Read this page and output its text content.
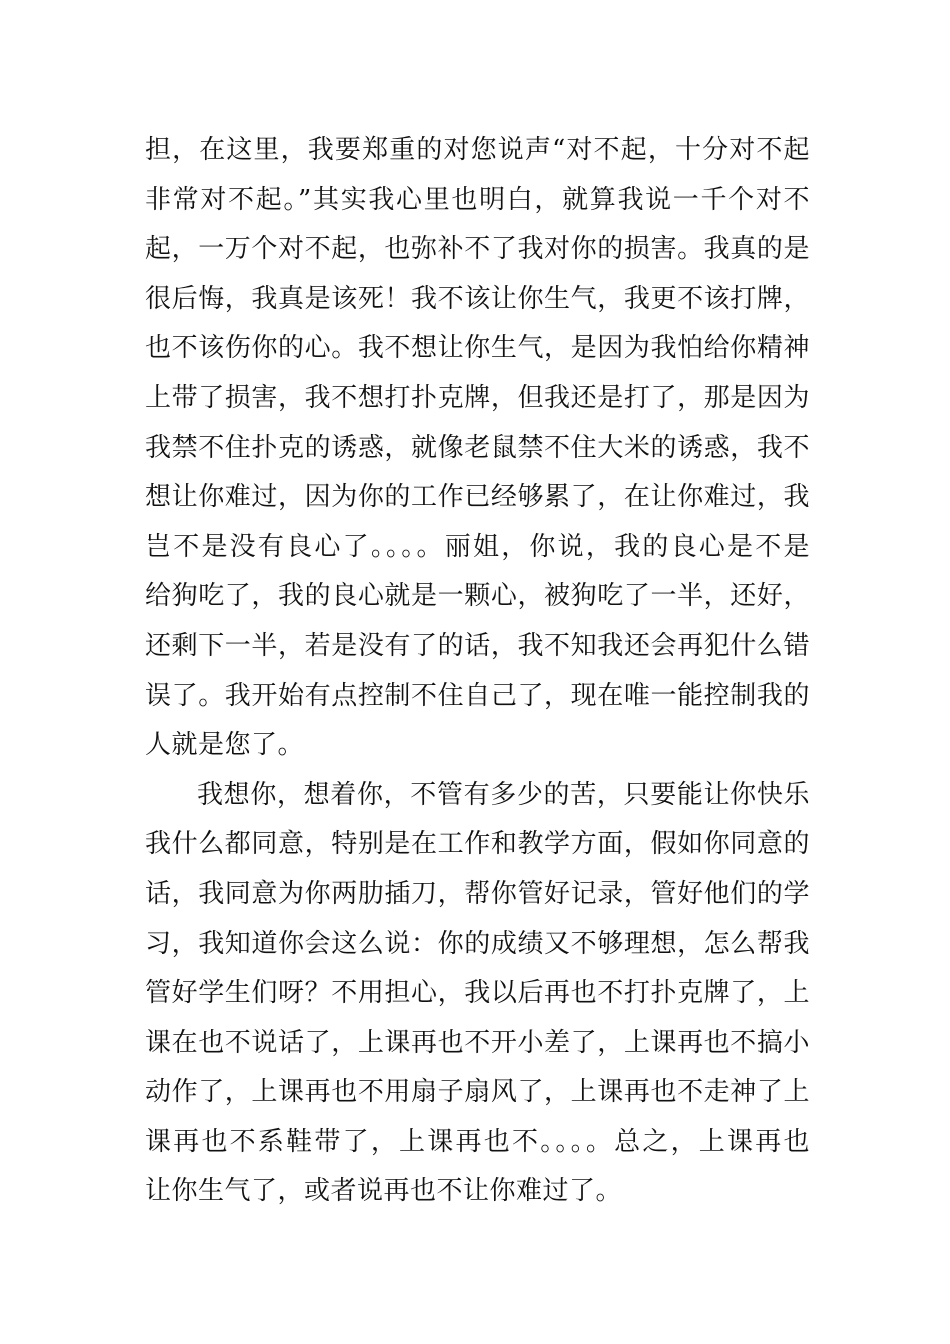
担，在这里，我要郑重的对您说声“对不起，十分对不起
非常对不起。”其实我心里也明白，就算我说一千个对不
起，一万个对不起，也弥补不了我对你的损害。我真的是
很后悔，我真是该死！我不该让你生气，我更不该打牌，
也不该伤你的心。我不想让你生气，是因为我怕给你精神
上带了损害，我不想打扑克牌，但我还是打了，那是因为
我禁不住扑克的诱惑，就像老鼠禁不住大米的诱惑，我不
想让你难过，因为你的工作已经够累了，在让你难过，我
岂不是没有良心了。。。。丽姐，你说，我的良心是不是
给狗吃了，我的良心就是一颗心，被狗吃了一半，还好，
还剩下一半，若是没有了的话，我不知我还会再犯什么错
误了。我开始有点控制不住自己了，现在唯一能控制我的
人就是您了。
我想你，想着你，不管有多少的苦，只要能让你快乐
我什么都同意，特别是在工作和教学方面，假如你同意的
话，我同意为你两肋插刀，帮你管好记录，管好他们的学
习，我知道你会这么说：你的成绩又不够理想，怎么帮我
管好学生们呀？不用担心，我以后再也不打扑克牌了，上
课在也不说话了，上课再也不开小差了，上课再也不搞小
动作了，上课再也不用扇子扇风了，上课再也不走神了上
课再也不系鞋带了，上课再也不。。。。总之，上课再也
让你生气了，或者说再也不让你难过了。
